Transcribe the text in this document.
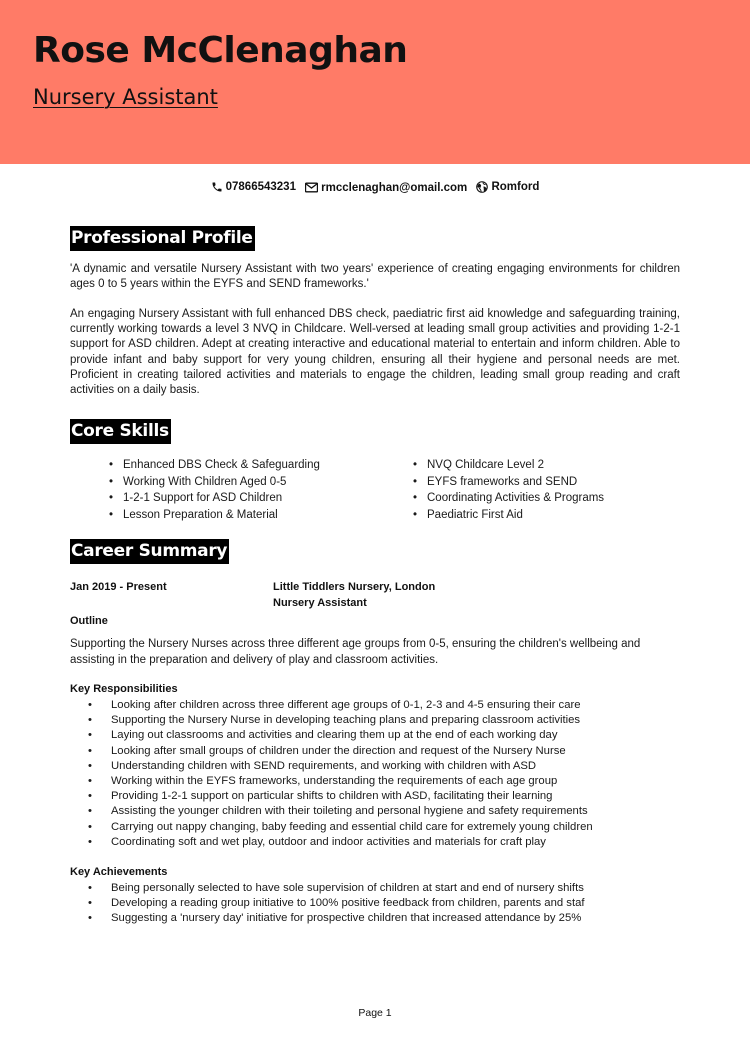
Rose McClenaghan
Nursery Assistant
07866543231
rmcclenaghan@omail.com
Romford
Professional Profile

'A dynamic and versatile Nursery Assistant with two years' experience of creating engaging environments for children ages 0 to 5 years within the EYFS and SEND frameworks.'

An engaging Nursery Assistant with full enhanced DBS check, paediatric first aid knowledge and safeguarding training, currently working towards a level 3 NVQ in Childcare. Well-versed at leading small group activities and providing 1-2-1 support for ASD children. Adept at creating interactive and educational material to entertain and inform children. Able to provide infant and baby support for very young children, ensuring all their hygiene and personal needs are met. Proficient in creating tailored activities and materials to engage the children, leading small group reading and craft activities on a daily basis.

Core Skills
• Enhanced DBS Check & Safeguarding
• Working With Children Aged 0-5
• 1-2-1 Support for ASD Children
• Lesson Preparation & Material
• NVQ Childcare Level 2
• EYFS frameworks and SEND
• Coordinating Activities & Programs
• Paediatric First Aid
Career Summary
Jan 2019 - Present	Little Tiddlers Nursery, London
Nursery Assistant
Outline

Supporting the Nursery Nurses across three different age groups from 0-5, ensuring the children's wellbeing and assisting in the preparation and delivery of play and classroom activities.

Key Responsibilities
• Looking after children across three different age groups of 0-1, 2-3 and 4-5 ensuring their care
• Supporting the Nursery Nurse in developing teaching plans and preparing classroom activities
• Laying out classrooms and activities and clearing them up at the end of each working day
• Looking after small groups of children under the direction and request of the Nursery Nurse
• Understanding children with SEND requirements, and working with children with ASD
• Working within the EYFS frameworks, understanding the requirements of each age group
• Providing 1-2-1 support on particular shifts to children with ASD, facilitating their learning
• Assisting the younger children with their toileting and personal hygiene and safety requirements
• Carrying out nappy changing, baby feeding and essential child care for extremely young children
• Coordinating soft and wet play, outdoor and indoor activities and materials for craft play
Key Achievements
• Being personally selected to have sole supervision of children at start and end of nursery shifts
• Developing a reading group initiative to 100% positive feedback from children, parents and staf
• Suggesting a 'nursery day' initiative for prospective children that increased attendance by 25%
Page 1
